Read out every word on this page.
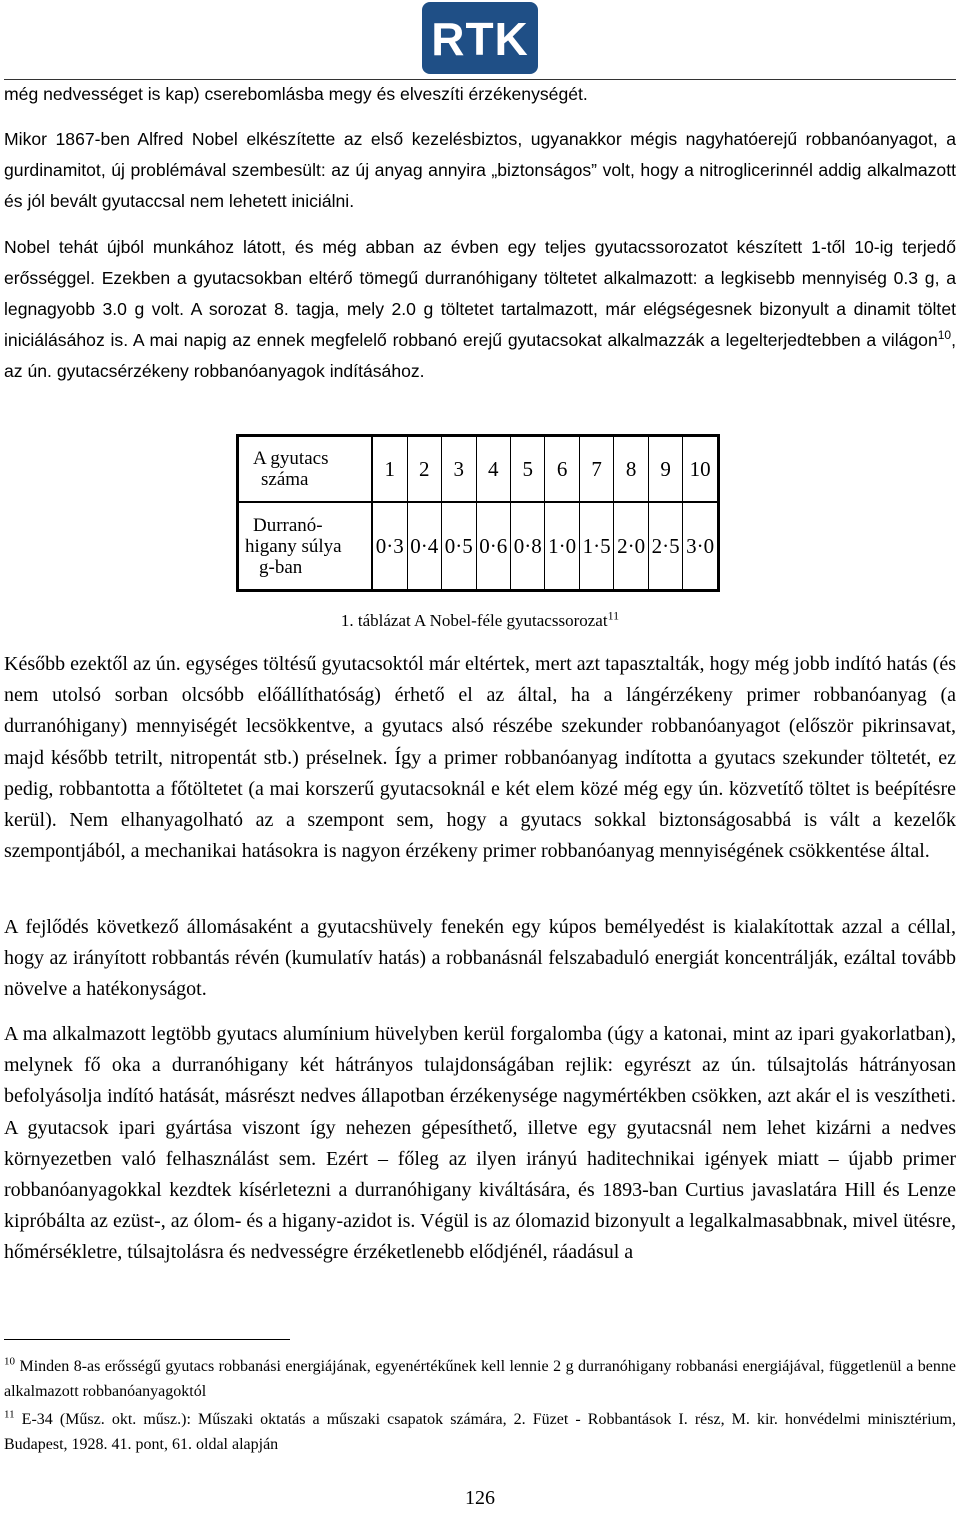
RTK

még nedvességet is kap) cserebomlásba megy és elveszíti érzékenységét.

Mikor 1867-ben Alfred Nobel elkészítette az első kezelésbiztos, ugyanakkor mégis nagyhatóerejű robbanóanyagot, a gurdinamitot, új problémával szembesült: az új anyag annyira „biztonságos” volt, hogy a nitroglicerinnél addig alkalmazott és jól bevált gyutaccsal nem lehetett iniciálni.

Nobel tehát újból munkához látott, és még abban az évben egy teljes gyutacssorozatot készített 1-től 10-ig terjedő erősséggel. Ezekben a gyutacsokban eltérő tömegű durranóhigany töltetet alkalmazott: a legkisebb mennyiség 0.3 g, a legnagyobb 3.0 g volt. A sorozat 8. tagja, mely 2.0 g töltetet tartalmazott, már elégségesnek bizonyult a dinamit töltet iniciálásához is. A mai napig az ennek megfelelő robbanó erejű gyutacsokat alkalmazzák a legelterjedtebben a világon$^{10}$, az ún. gyutacsérzékeny robbanóanyagok indításához.

A gyutacs
száma	1	2	3	4	5	6	7	8	9	10

Durranó-
higany súlya
g-ban	0·3	0·4	0·5	0·6	0·8	1·0	1·5	2·0	2·5	3·0
1. táblázat A Nobel-féle gyutacssorozat$^{11}$

Később ezektől az ún. egységes töltésű gyutacsoktól már eltértek, mert azt tapasztalták, hogy még jobb indító hatás (és nem utolsó sorban olcsóbb előállíthatóság) érhető el az által, ha a lángérzékeny primer robbanóanyag (a durranóhigany) mennyiségét lecsökkentve, a gyutacs alsó részébe szekunder robbanóanyagot (először pikrinsavat, majd később tetrilt, nitropentát stb.) préselnek. Így a primer robbanóanyag indította a gyutacs szekunder töltetét, ez pedig, robbantotta a főtöltetet (a mai korszerű gyutacsoknál e két elem közé még egy ún. közvetítő töltet is beépítésre kerül). Nem elhanyagolható az a szempont sem, hogy a gyutacs sokkal biztonságosabbá is vált a kezelők szempontjából, a mechanikai hatásokra is nagyon érzékeny primer robbanóanyag mennyiségének csökkentése által.

A fejlődés következő állomásaként a gyutacshüvely fenekén egy kúpos bemélyedést is kialakítottak azzal a céllal, hogy az irányított robbantás révén (kumulatív hatás) a robbanásnál felszabaduló energiát koncentrálják, ezáltal tovább növelve a hatékonyságot.

A ma alkalmazott legtöbb gyutacs alumínium hüvelyben kerül forgalomba (úgy a katonai, mint az ipari gyakorlatban), melynek fő oka a durranóhigany két hátrányos tulajdonságában rejlik: egyrészt az ún. túlsajtolás hátrányosan befolyásolja indító hatását, másrészt nedves állapotban érzékenysége nagymértékben csökken, azt akár el is veszítheti. A gyutacsok ipari gyártása viszont így nehezen gépesíthető, illetve egy gyutacsnál nem lehet kizárni a nedves környezetben való felhasználást sem. Ezért – főleg az ilyen irányú haditechnikai igények miatt – újabb primer robbanóanyagokkal kezdtek kísérletezni a durranóhigany kiváltására, és 1893-ban Curtius javaslatára Hill és Lenze kipróbálta az ezüst-, az ólom- és a higany-azidot is. Végül is az ólomazid bizonyult a legalkalmasabbnak, mivel ütésre, hőmérsékletre, túlsajtolásra és nedvességre érzéketlenebb elődjénél, ráadásul a

$^{10}$ Minden 8-as erősségű gyutacs robbanási energiájának, egyenértékűnek kell lennie 2 g durranóhigany robbanási energiájával, függetlenül a benne alkalmazott robbanóanyagoktól
$^{11}$ E-34 (Műsz. okt. műsz.): Műszaki oktatás a műszaki csapatok számára, 2. Füzet - Robbantások I. rész, M. kir. honvédelmi minisztérium, Budapest, 1928. 41. pont, 61. oldal alapján
126
